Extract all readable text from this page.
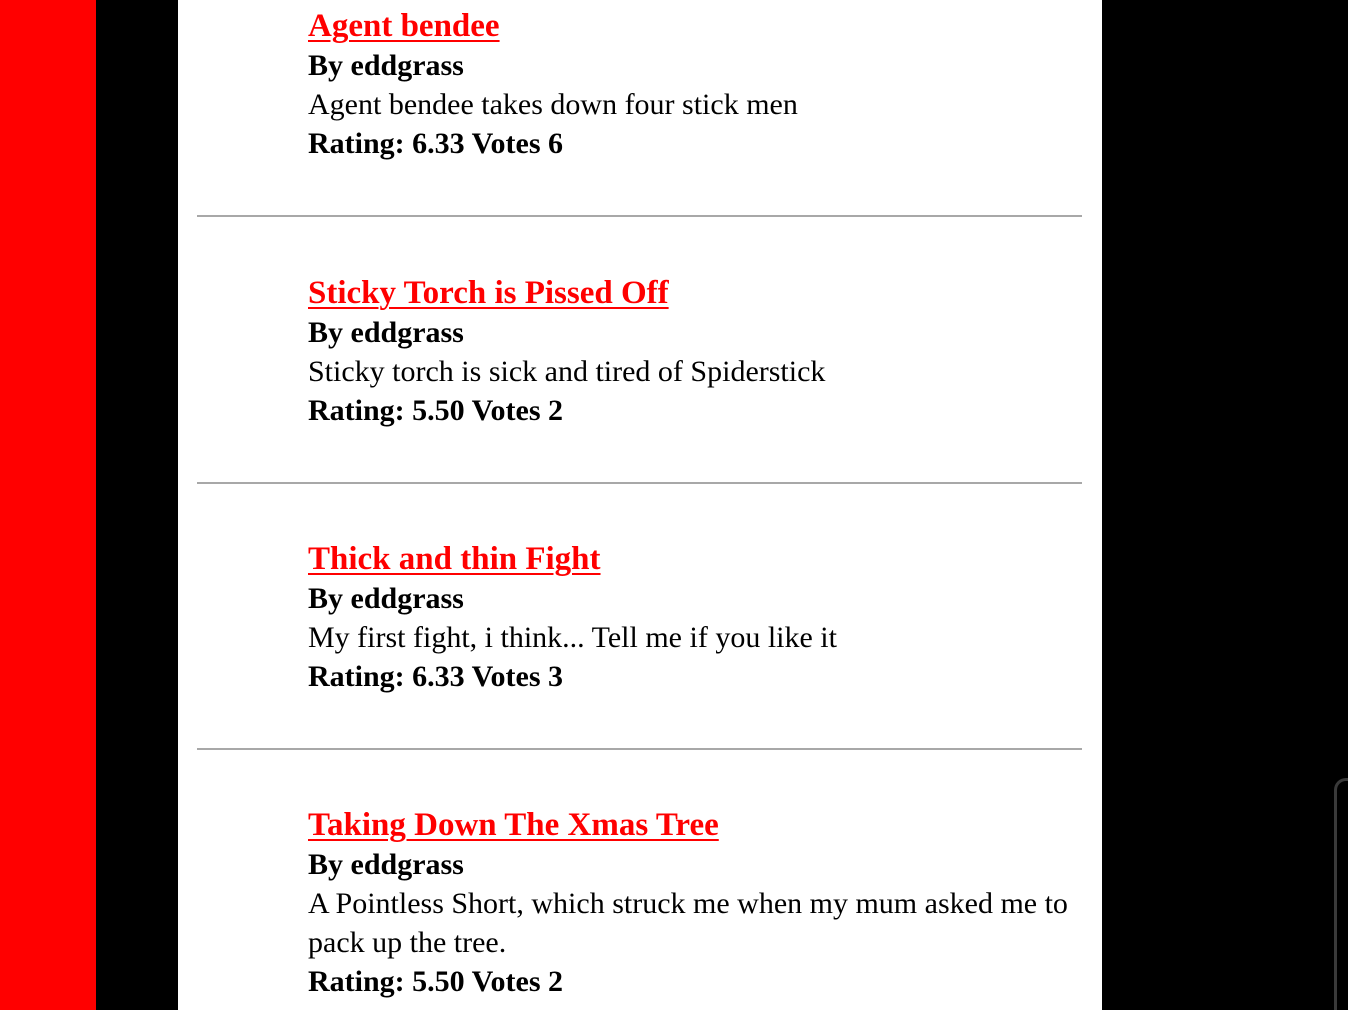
Agent bendee
By eddgrass
Agent bendee takes down four stick men
Rating: 6.33 Votes 6
Sticky Torch is Pissed Off
By eddgrass
Sticky torch is sick and tired of Spiderstick
Rating: 5.50 Votes 2
Thick and thin Fight
By eddgrass
My first fight, i think... Tell me if you like it
Rating: 6.33 Votes 3
Taking Down The Xmas Tree
By eddgrass
A Pointless Short, which struck me when my mum asked me to pack up the tree.
Rating: 5.50 Votes 2
